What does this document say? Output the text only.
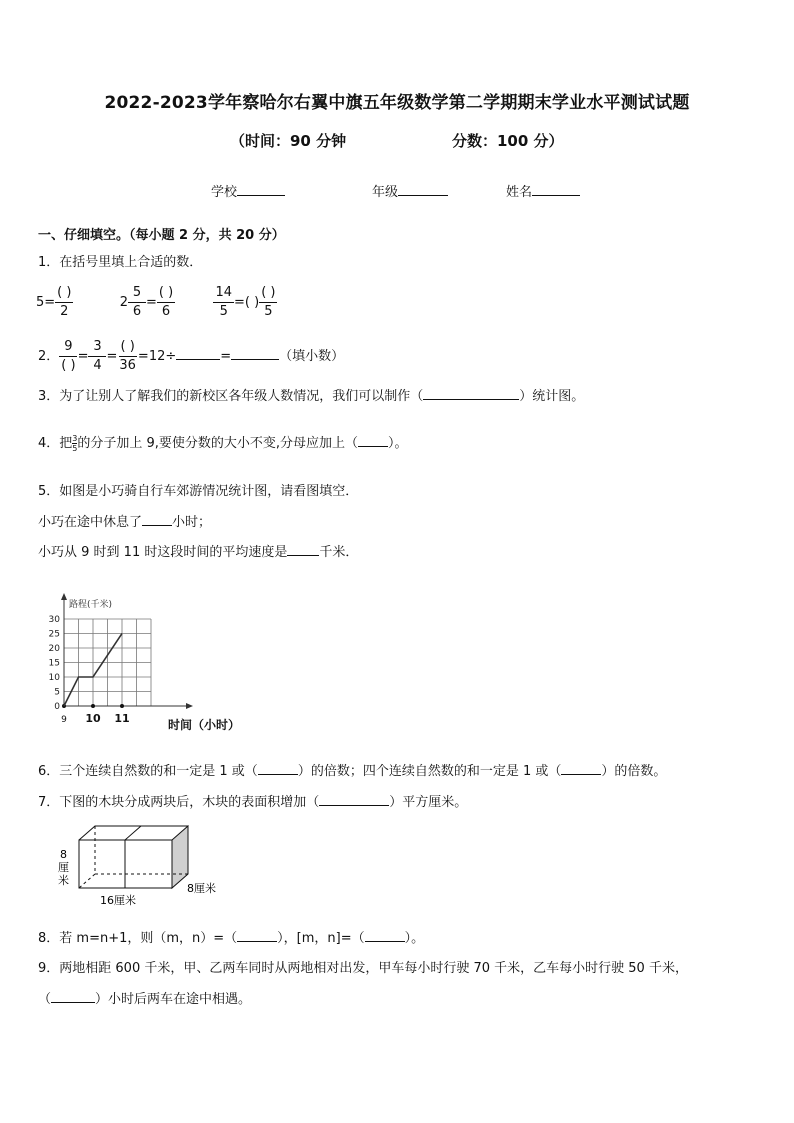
2022-2023学年察哈尔右翼中旗五年级数学第二学期期末学业水平测试试题
（时间：90 分钟	分数：100 分）
学校	年级	姓名
一、仔细填空。（每小题 2 分，共 20 分）
1．在括号里填上合适的数．
$5= \frac{( )}{2}$	$2 \frac{5}{6} = \frac{( )}{6}$
	$\frac{14}{5}$ =( ) $\frac{( )}{5}$
2． $\frac{9}{( )} = \frac{3}{4} = \frac{( )}{36} =12\div$	=	（填小数）
3．为了让别人了解我们的新校区各年级人数情况，我们可以制作（	）统计图。
4．把 $\frac{3}{5}$ 的分子加上 9,要使分数的大小不变,分母应加上（ ）。
5．如图是小巧骑自行车郊游情况统计图，请看图填空．
小巧在途中休息了 小时；
小巧从 9 时到 11 时这段时间的平均速度是 千米．
0
5
10
15
20
25
30
9 10 11
路程(千米)
时间（小时）
6．三个连续自然数的和一定是 1 或（	）的倍数；四个连续自然数的和一定是 1 或（	）的倍数。
7．下图的木块分成两块后，木块的表面积增加（	）平方厘米。
8
厘
米
16厘米
8厘米
8．若 m=n+1，则（m，n）=（	），[m，n]=（	）。
9．两地相距 600 千米，甲、乙两车同时从两地相对出发，甲车每小时行驶 70 千米，乙车每小时行驶 50 千米，
（	）小时后两车在途中相遇。
